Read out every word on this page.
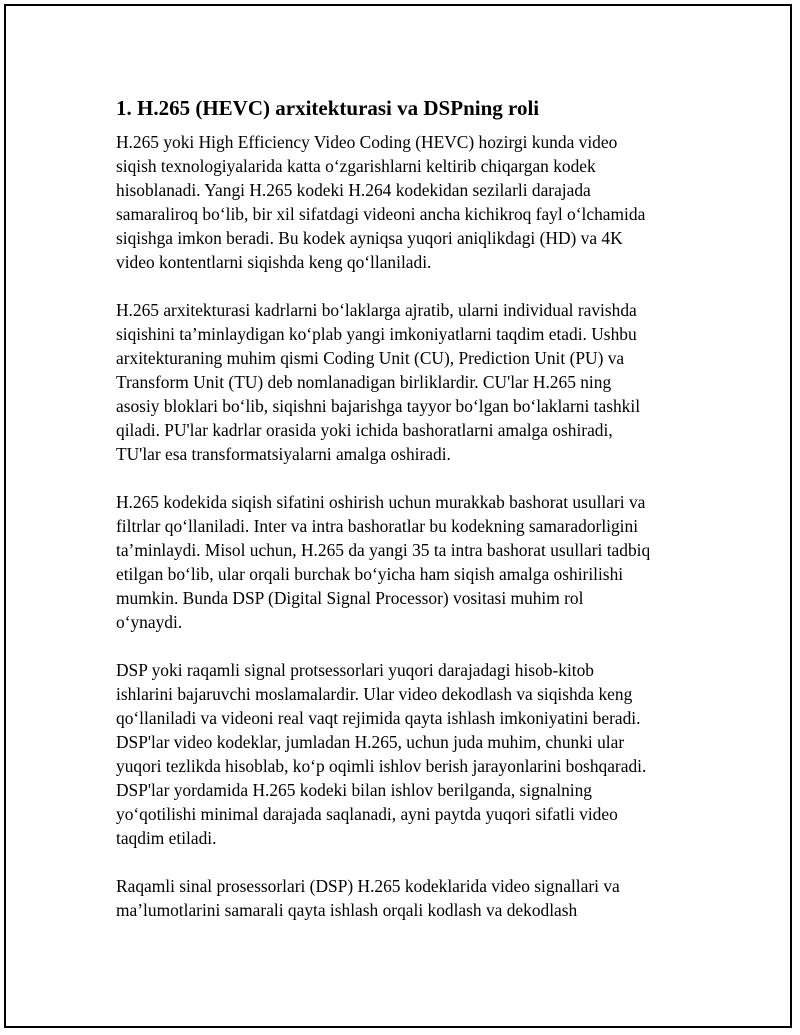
1. H.265 (HEVC) arxitekturasi va DSPning roli
H.265 yoki High Efficiency Video Coding (HEVC) hozirgi kunda video
siqish texnologiyalarida katta oʻzgarishlarni keltirib chiqargan kodek
hisoblanadi. Yangi H.265 kodeki H.264 kodekidan sezilarli darajada
samaraliroq boʻlib, bir xil sifatdagi videoni ancha kichikroq fayl oʻlchamida
siqishga imkon beradi. Bu kodek ayniqsa yuqori aniqlikdagi (HD) va 4K
video kontentlarni siqishda keng qoʻllaniladi.
H.265 arxitekturasi kadrlarni boʻlaklarga ajratib, ularni individual ravishda
siqishini taʼminlaydigan koʻplab yangi imkoniyatlarni taqdim etadi. Ushbu
arxitekturaning muhim qismi Coding Unit (CU), Prediction Unit (PU) va
Transform Unit (TU) deb nomlanadigan birliklardir. CU'lar H.265 ning
asosiy bloklari boʻlib, siqishni bajarishga tayyor boʻlgan boʻlaklarni tashkil
qiladi. PU'lar kadrlar orasida yoki ichida bashoratlarni amalga oshiradi,
TU'lar esa transformatsiyalarni amalga oshiradi.
H.265 kodekida siqish sifatini oshirish uchun murakkab bashorat usullari va
filtrlar qoʻllaniladi. Inter va intra bashoratlar bu kodekning samaradorligini
taʼminlaydi. Misol uchun, H.265 da yangi 35 ta intra bashorat usullari tadbiq
etilgan boʻlib, ular orqali burchak boʻyicha ham siqish amalga oshirilishi
mumkin. Bunda DSP (Digital Signal Processor) vositasi muhim rol
oʻynaydi.
DSP yoki raqamli signal protsessorlari yuqori darajadagi hisob-kitob
ishlarini bajaruvchi moslamalardir. Ular video dekodlash va siqishda keng
qoʻllaniladi va videoni real vaqt rejimida qayta ishlash imkoniyatini beradi.
DSP'lar video kodeklar, jumladan H.265, uchun juda muhim, chunki ular
yuqori tezlikda hisoblab, koʻp oqimli ishlov berish jarayonlarini boshqaradi.
DSP'lar yordamida H.265 kodeki bilan ishlov berilganda, signalning
yoʻqotilishi minimal darajada saqlanadi, ayni paytda yuqori sifatli video
taqdim etiladi.
Raqamli sinal prosessorlari (DSP) H.265 kodeklarida video signallari va
maʼlumotlarini samarali qayta ishlash orqali kodlash va dekodlash
